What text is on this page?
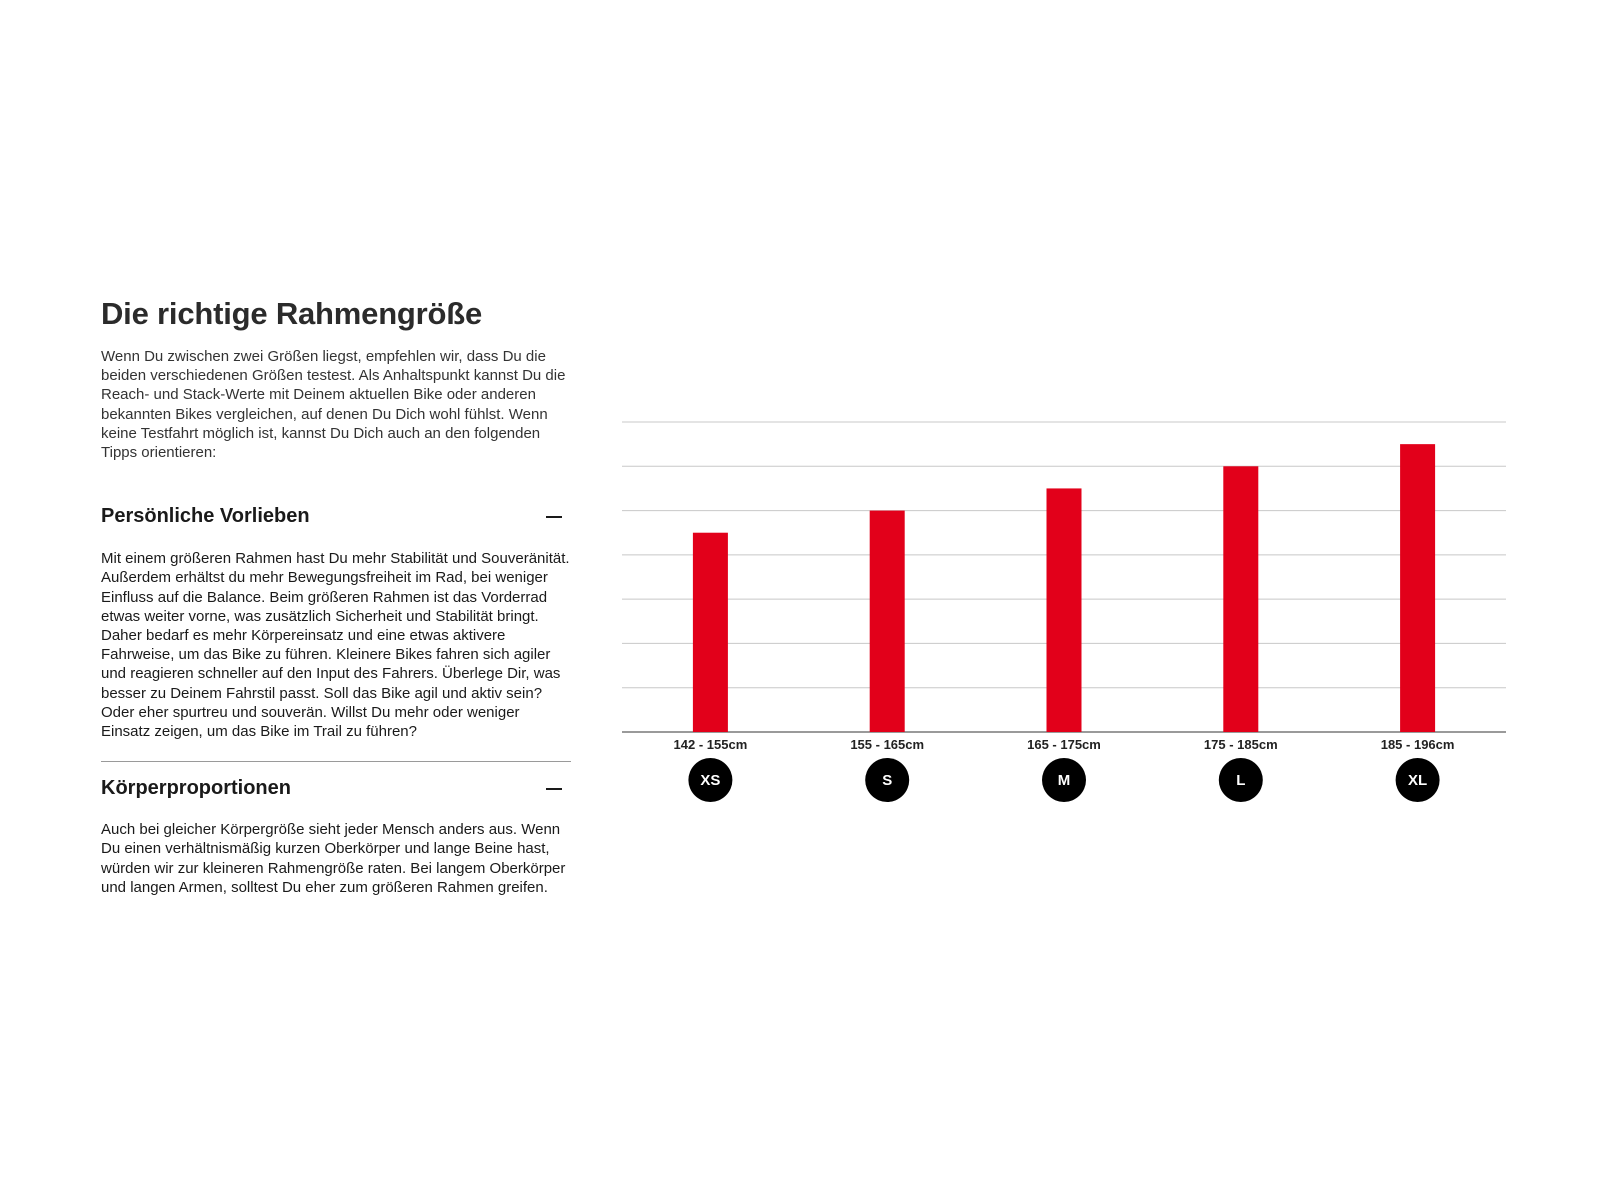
Die richtige Rahmengröße

Wenn Du zwischen zwei Größen liegst, empfehlen wir, dass Du die beiden verschiedenen Größen testest. Als Anhaltspunkt kannst Du die Reach- und Stack-Werte mit Deinem aktuellen Bike oder anderen bekannten Bikes vergleichen, auf denen Du Dich wohl fühlst. Wenn keine Testfahrt möglich ist, kannst Du Dich auch an den folgenden Tipps orientieren:

Persönliche Vorlieben

Mit einem größeren Rahmen hast Du mehr Stabilität und Souveränität. Außerdem erhältst du mehr Bewegungsfreiheit im Rad, bei weniger Einfluss auf die Balance. Beim größeren Rahmen ist das Vorderrad etwas weiter vorne, was zusätzlich Sicherheit und Stabilität bringt. Daher bedarf es mehr Körpereinsatz und eine etwas aktivere Fahrweise, um das Bike zu führen. Kleinere Bikes fahren sich agiler und reagieren schneller auf den Input des Fahrers. Überlege Dir, was besser zu Deinem Fahrstil passt. Soll das Bike agil und aktiv sein? Oder eher spurtreu und souverän. Willst Du mehr oder weniger Einsatz zeigen, um das Bike im Trail zu führen?

Körperproportionen

Auch bei gleicher Körpergröße sieht jeder Mensch anders aus. Wenn Du einen verhältnismäßig kurzen Oberkörper und lange Beine hast, würden wir zur kleineren Rahmengröße raten. Bei langem Oberkörper und langen Armen, solltest Du eher zum größeren Rahmen greifen.

142 - 155cm
XS
155 - 165cm
S
165 - 175cm
M
175 - 185cm
L
185 - 196cm
XL
